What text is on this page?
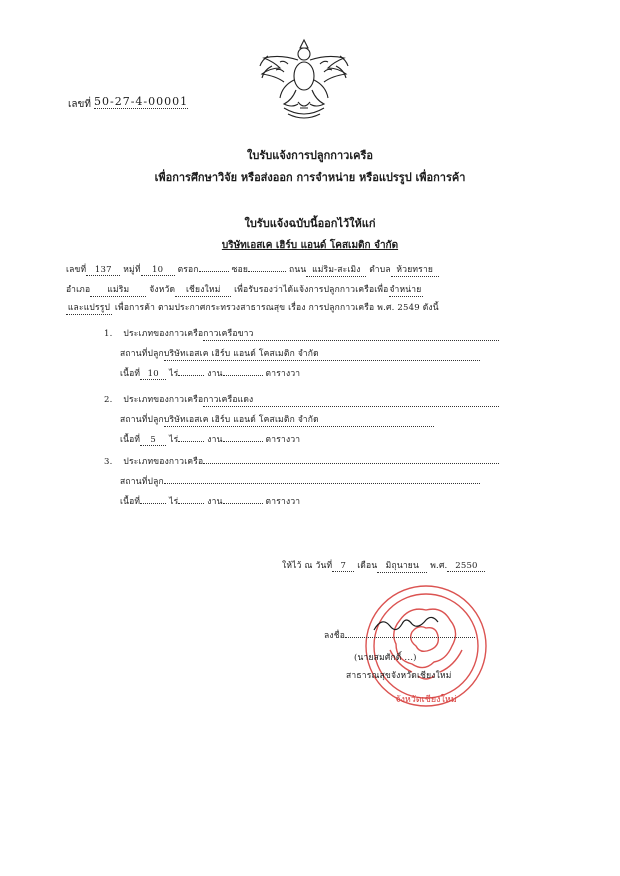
เลขที่ 50-27-4-00001
ใบรับแจ้งการปลูกกาวเครือ
เพื่อการศึกษาวิจัย หรือส่งออก การจำหน่าย หรือแปรรูป เพื่อการค้า
ใบรับแจ้งฉบับนี้ออกไว้ให้แก่
บริษัทเอสเค เฮิร์บ แอนด์ โคสเมติก จำกัด
เลขที่ 137 หมู่ที่ 10 ตรอก	ซอย	ถนน แม่ริม-สะเมิง ตำบล ห้วยทราย
อำเภอ แม่ริม จังหวัด เชียงใหม่ เพื่อรับรองว่าได้แจ้งการปลูกกาวเครือเพื่อจำหน่าย
และแปรรูป เพื่อการค้า ตามประกาศกระทรวงสาธารณสุข เรื่อง การปลูกกาวเครือ พ.ศ. 2549 ดังนี้
1. ประเภทของกาวเครือกาวเครือขาว
สถานที่ปลูกบริษัทเอสเค เฮิร์บ แอนด์ โคสเมติก จำกัด
เนื้อที่ 10 ไร่	งาน	ตารางวา
2. ประเภทของกาวเครือกาวเครือแดง
สถานที่ปลูกบริษัทเอสเค เฮิร์บ แอนด์ โคสเมติก จำกัด
เนื้อที่ 5 ไร่	งาน	ตารางวา
3. ประเภทของกาวเครือ
สถานที่ปลูก
เนื้อที่	ไร่	งาน	ตารางวา
ให้ไว้ ณ วันที่ 7 เดือน มิถุนายน พ.ศ. 2550
จังหวัดเชียงใหม่
ลงชื่อ
(นายสมศักดิ์ ...)
สาธารณสุขจังหวัดเชียงใหม่
